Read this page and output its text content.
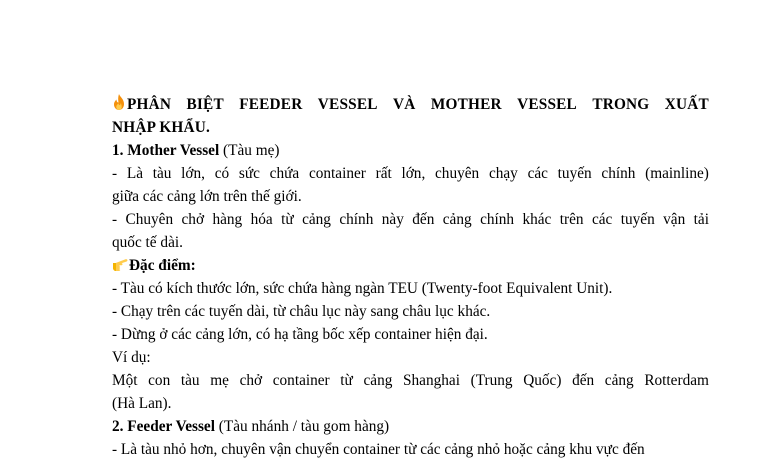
PHÂN BIỆT FEEDER VESSEL VÀ MOTHER VESSEL TRONG XUẤT
NHẬP KHẨU.
1. Mother Vessel (Tàu mẹ)
- Là tàu lớn, có sức chứa container rất lớn, chuyên chạy các tuyến chính (mainline)
giữa các cảng lớn trên thế giới.
- Chuyên chở hàng hóa từ cảng chính này đến cảng chính khác trên các tuyến vận tải
quốc tế dài.
Đặc điểm:
- Tàu có kích thước lớn, sức chứa hàng ngàn TEU (Twenty-foot Equivalent Unit).
- Chạy trên các tuyến dài, từ châu lục này sang châu lục khác.
- Dừng ở các cảng lớn, có hạ tầng bốc xếp container hiện đại.
Ví dụ:
Một con tàu mẹ chở container từ cảng Shanghai (Trung Quốc) đến cảng Rotterdam
(Hà Lan).
2. Feeder Vessel (Tàu nhánh / tàu gom hàng)
- Là tàu nhỏ hơn, chuyên vận chuyển container từ các cảng nhỏ hoặc cảng khu vực đến
